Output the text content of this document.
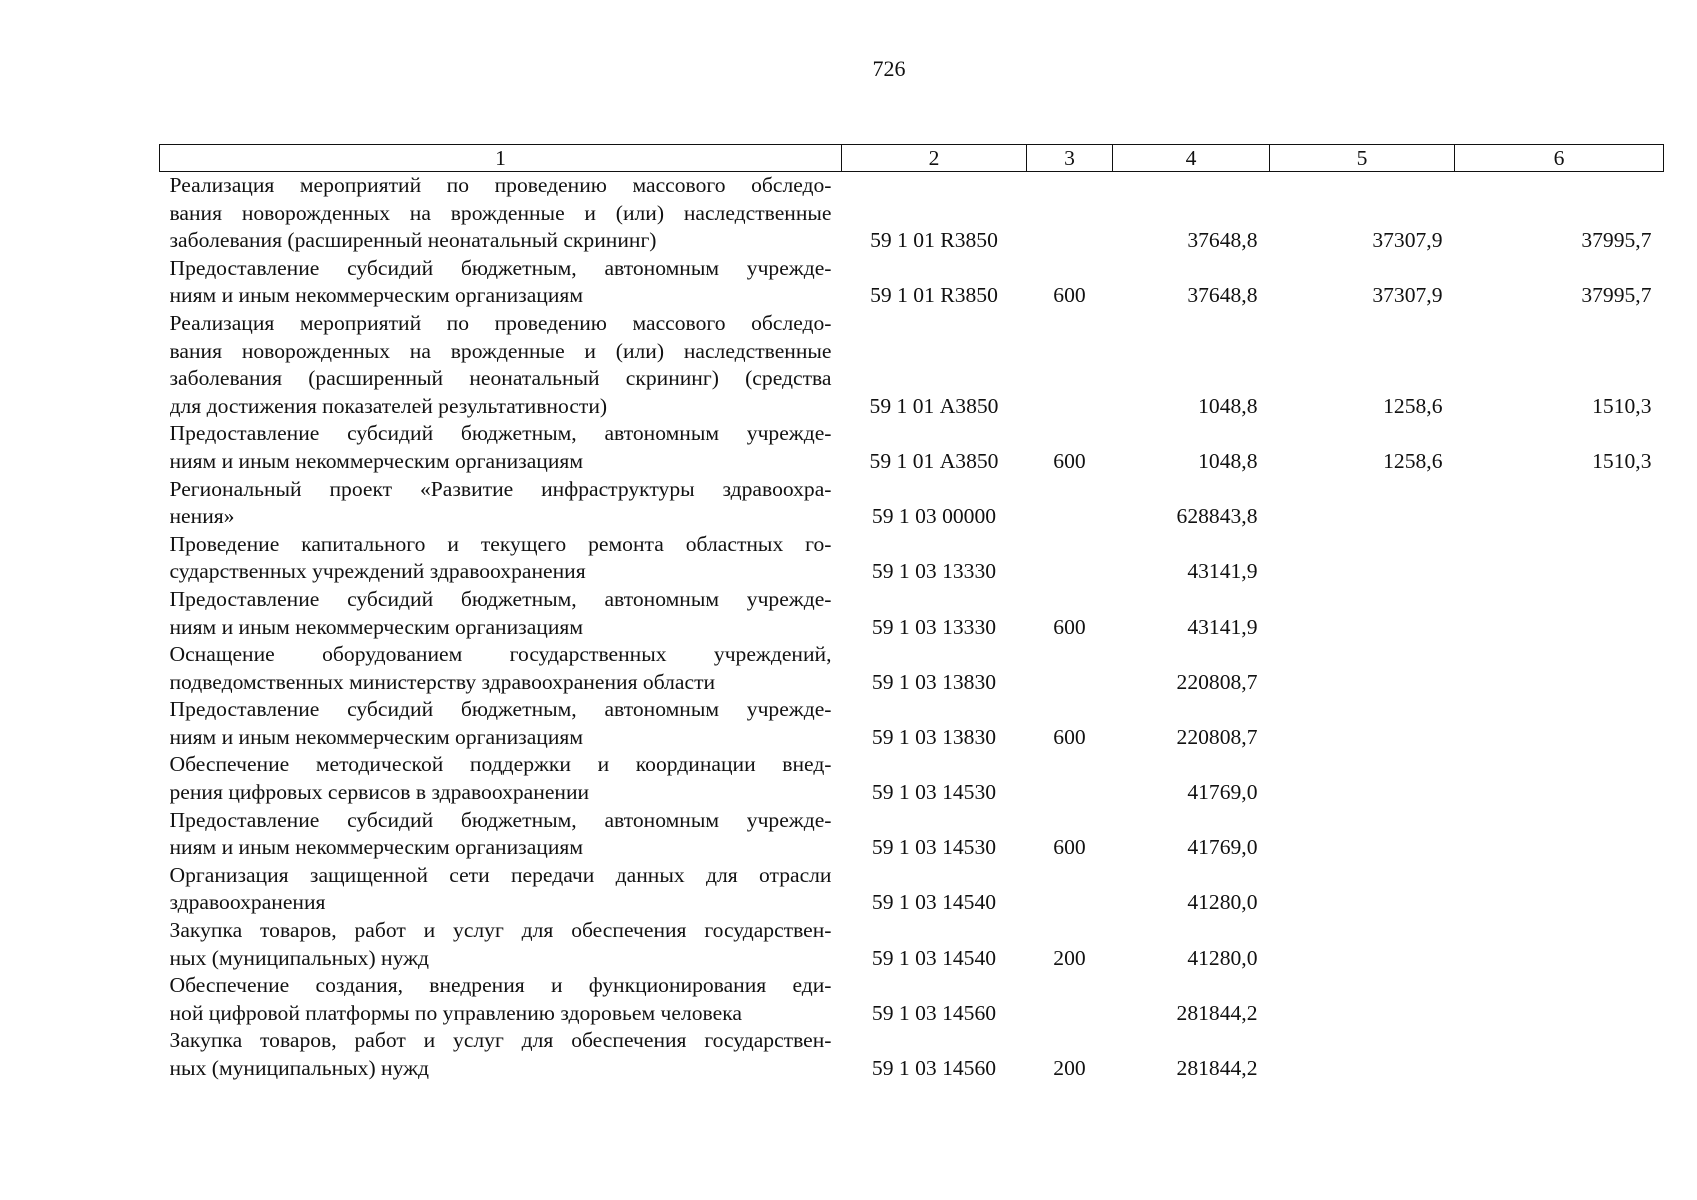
726
1	2	3	4	5	6

Реализация мероприятий по проведению массового обследо-
вания новорожденных на врожденные и (или) наследственные
заболевания (расширенный неонатальный скрининг)	59 1 01 R3850		37648,8	37307,9	37995,7

Предоставление субсидий бюджетным, автономным учрежде-
ниям и иным некоммерческим организациям	59 1 01 R3850	600	37648,8	37307,9	37995,7

Реализация мероприятий по проведению массового обследо-
вания новорожденных на врожденные и (или) наследственные
заболевания (расширенный неонатальный скрининг) (средства
для достижения показателей результативности)	59 1 01 А3850		1048,8	1258,6	1510,3

Предоставление субсидий бюджетным, автономным учрежде-
ниям и иным некоммерческим организациям	59 1 01 А3850	600	1048,8	1258,6	1510,3

Региональный проект «Развитие инфраструктуры здравоохра-
нения»	59 1 03 00000		628843,8		

Проведение капитального и текущего ремонта областных го-
сударственных учреждений здравоохранения	59 1 03 13330		43141,9		

Предоставление субсидий бюджетным, автономным учрежде-
ниям и иным некоммерческим организациям	59 1 03 13330	600	43141,9		

Оснащение оборудованием государственных учреждений,
подведомственных министерству здравоохранения области	59 1 03 13830		220808,7		

Предоставление субсидий бюджетным, автономным учрежде-
ниям и иным некоммерческим организациям	59 1 03 13830	600	220808,7		

Обеспечение методической поддержки и координации внед-
рения цифровых сервисов в здравоохранении	59 1 03 14530		41769,0		

Предоставление субсидий бюджетным, автономным учрежде-
ниям и иным некоммерческим организациям	59 1 03 14530	600	41769,0		

Организация защищенной сети передачи данных для отрасли
здравоохранения	59 1 03 14540		41280,0		

Закупка товаров, работ и услуг для обеспечения государствен-
ных (муниципальных) нужд	59 1 03 14540	200	41280,0		

Обеспечение создания, внедрения и функционирования еди-
ной цифровой платформы по управлению здоровьем человека	59 1 03 14560		281844,2		

Закупка товаров, работ и услуг для обеспечения государствен-
ных (муниципальных) нужд	59 1 03 14560	200	281844,2		
